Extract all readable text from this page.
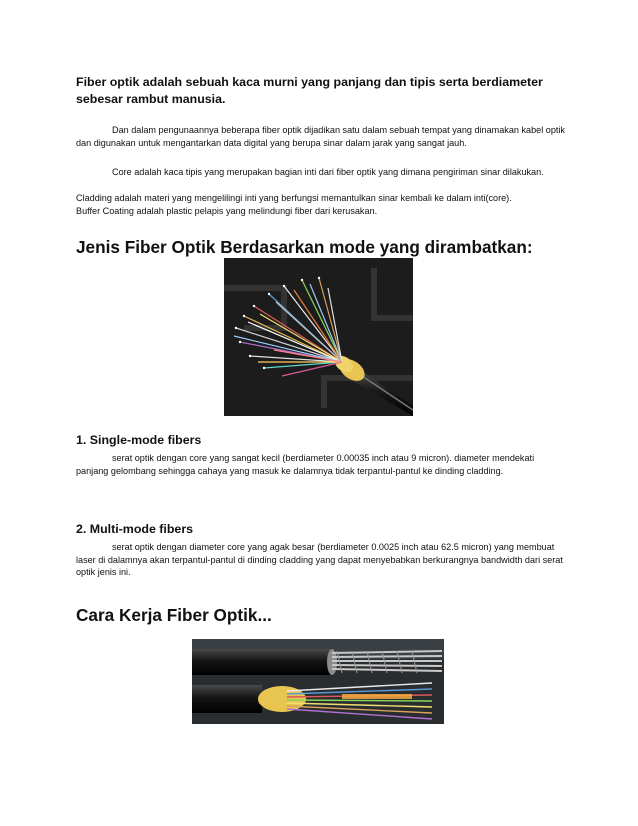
Fiber optik adalah sebuah kaca murni yang panjang dan tipis serta berdiameter sebesar rambut manusia.

Dan dalam pengunaannya beberapa fiber optik dijadikan satu dalam sebuah tempat yang dinamakan kabel optik dan digunakan untuk mengantarkan data digital yang berupa sinar dalam jarak yang sangat jauh.

Core adalah kaca tipis yang merupakan bagian inti dari fiber optik yang dimana pengiriman sinar dilakukan.

Cladding adalah materi yang mengelilingi inti yang berfungsi memantulkan sinar kembali ke dalam inti(core).

Buffer Coating adalah plastic pelapis yang melindungi fiber dari kerusakan.

Jenis Fiber Optik Berdasarkan mode yang dirambatkan:
1. Single-mode fibers

serat optik dengan core yang sangat kecil (berdiameter 0.00035 inch atau 9 micron). diameter mendekati panjang gelombang sehingga cahaya yang masuk ke dalamnya tidak terpantul-pantul ke dinding cladding.

2. Multi-mode fibers

serat optik dengan diameter core yang agak besar (berdiameter 0.0025 inch atau 62.5 micron) yang membuat laser di dalamnya akan terpantul-pantul di dinding cladding yang dapat menyebabkan berkurangnya bandwidth dari serat optik jenis ini.

Cara Kerja Fiber Optik...
